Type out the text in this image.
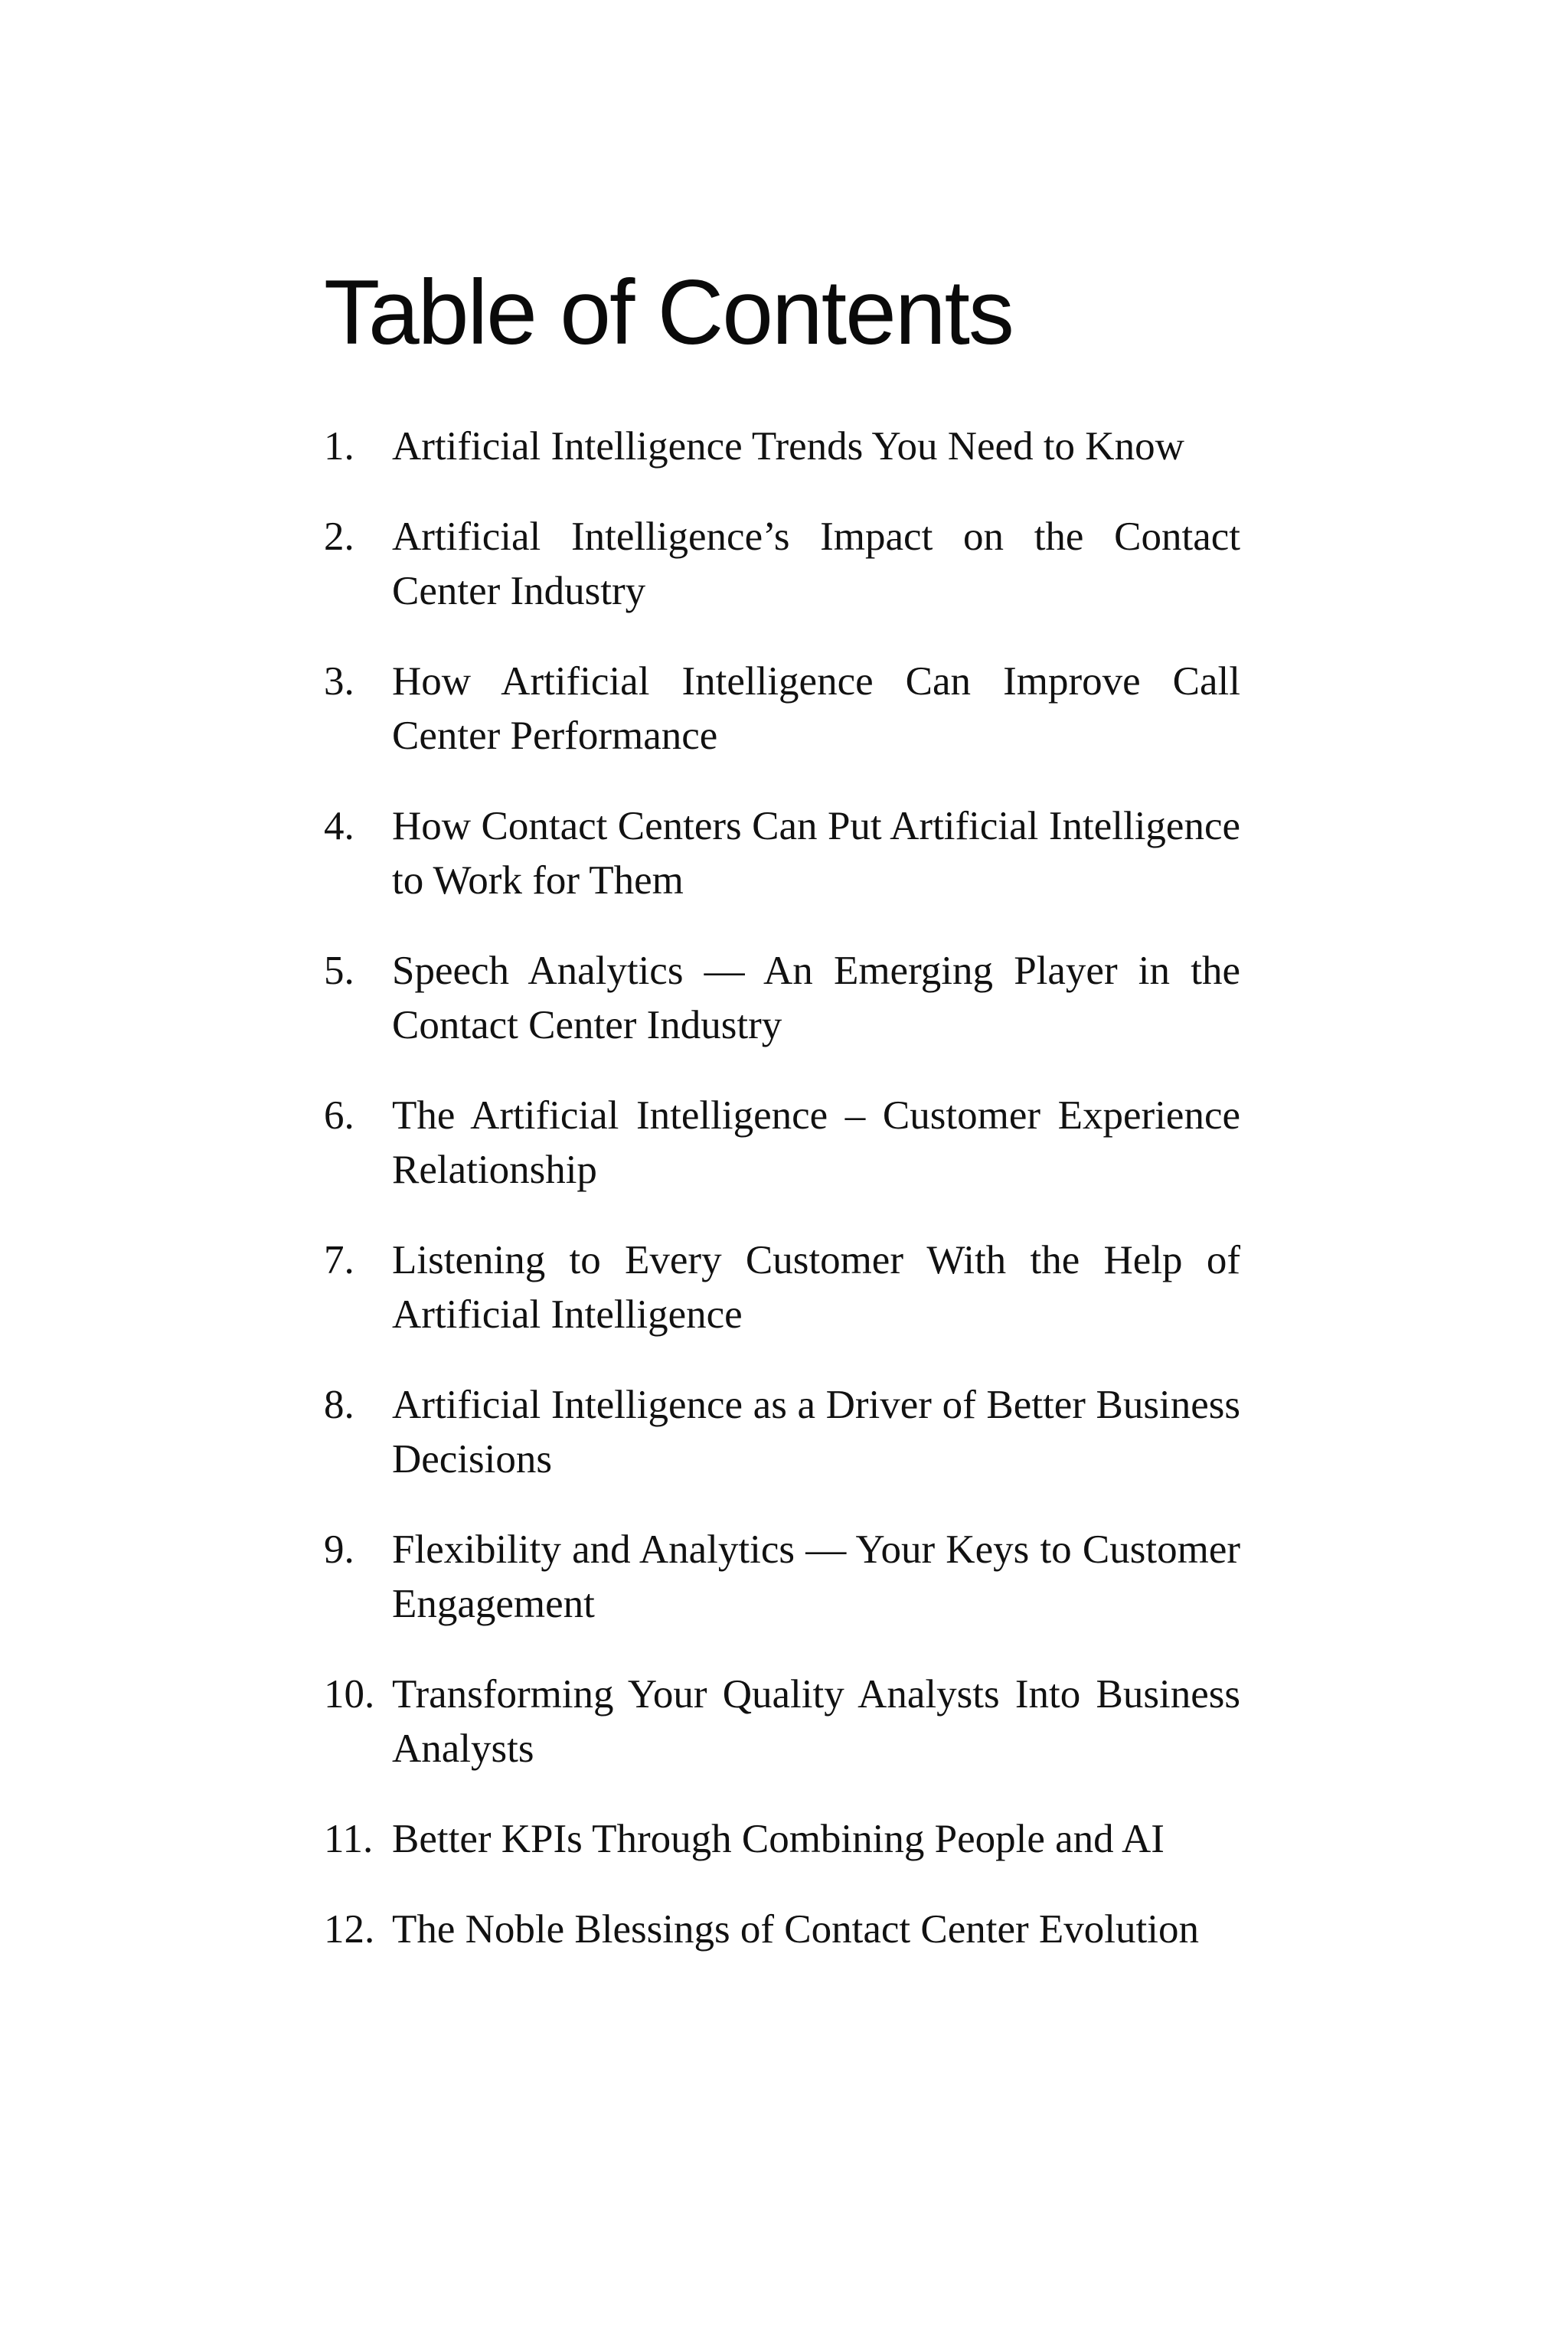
Table of Contents
1. Artificial Intelligence Trends You Need to Know
2. Artificial Intelligence’s Impact on the Contact Center Industry
3. How Artificial Intelligence Can Improve Call Center Performance
4. How Contact Centers Can Put Artificial Intelligence to Work for Them
5. Speech Analytics — An Emerging Player in the Contact Center Industry
6. The Artificial Intelligence – Customer Experience Relationship
7. Listening to Every Customer With the Help of Artificial Intelligence
8. Artificial Intelligence as a Driver of Better Business Decisions
9. Flexibility and Analytics — Your Keys to Customer Engagement
10. Transforming Your Quality Analysts Into Business Analysts
11. Better KPIs Through Combining People and AI
12. The Noble Blessings of Contact Center Evolution
